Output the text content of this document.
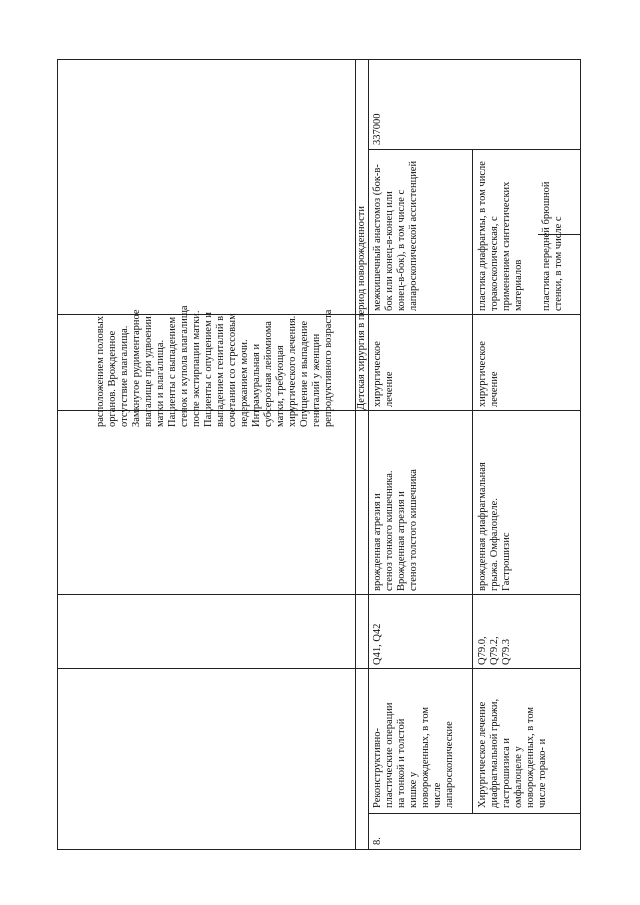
расположением половых органов. Врожденное отсутствие влагалища. Замкнутое рудиментарное влагалище при удвоении матки и влагалища. Пациенты с выпадением стенок и купола влагалища после экстирпации матки. Пациенты с опущением и выпадением гениталий в сочетании со стрессовым недержанием мочи. Интрамуральная и субсерозная лейомиома матки, требующая хирургического лечения. Опущение и выпадение гениталий у женщин репродуктивного возраста Детская хирургия в период новорожденности
8.
Реконструктивно- пластические операции на тонкой и толстой кишке у новорожденных, в том числе лапароскопические
Q41, Q42
врожденная атрезия и стеноз тонкого кишечника. Врожденная атрезия и стеноз толстого кишечника
хирургическое лечение
межкишечный анастомоз (бок-в- бок или конец-в-конец или конец-в-бок), в том числе с лапароскопической ассистенцией
337000
Хирургическое лечение диафрагмальной грыжи, гастрошизиса и омфалоцеле у новорожденных, в том числе торако- и
Q79.0, Q79.2, Q79.3
врожденная диафрагмальная грыжа. Омфалоцеле. Гастрошизис
хирургическое лечение
пластика диафрагмы, в том числе торакоскопическая, с применением синтетических материалов пластика передней брюшной стенки, в том числе с
